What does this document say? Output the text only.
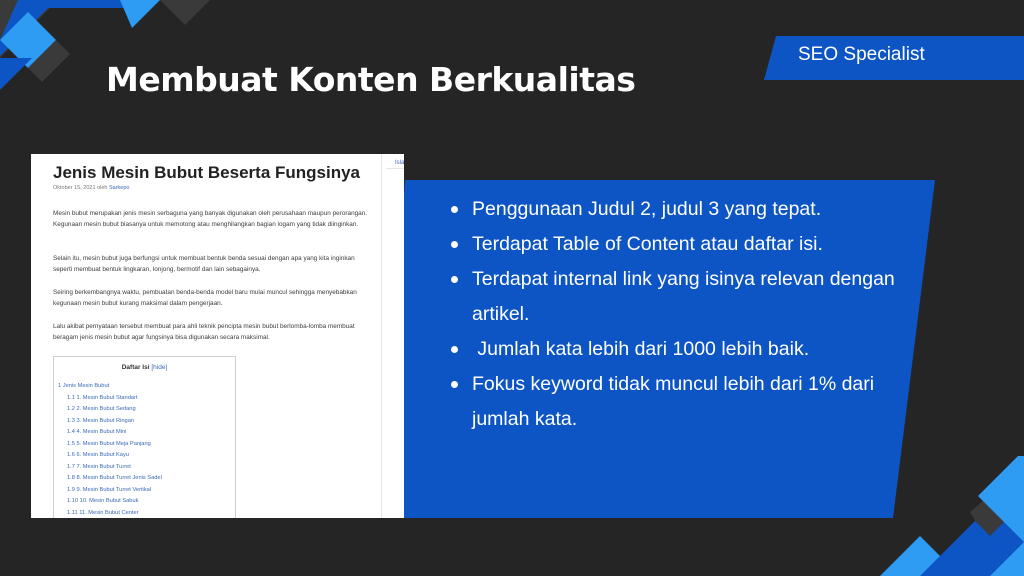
SEO Specialist
Membuat Konten Berkualitas
Penggunaan Judul 2, judul 3 yang tepat.
Terdapat Table of Content atau daftar isi.
Terdapat internal link yang isinya relevan dengan artikel.
Jumlah kata lebih dari 1000 lebih baik.
Fokus keyword tidak muncul lebih dari 1% dari jumlah kata.
Isla
Jenis Mesin Bubut Beserta Fungsinya
Oktober 15, 2021 oleh Sarkepo

Mesin bubut merupakan jenis mesin serbaguna yang banyak digunakan oleh perusahaan maupun perorangan. Kegunaan mesin bubut biasanya untuk memotong atau menghilangkan bagian logam yang tidak diinginkan.

Selain itu, mesin bubut juga berfungsi untuk membuat bentuk benda sesuai dengan apa yang kita inginkan seperti membuat bentuk lingkaran, lonjong, bermotif dan lain sebagainya.

Seiring berkembangnya waktu, pembuatan benda-benda model baru mulai muncul sehingga menyebabkan kegunaan mesin bubut kurang maksimal dalam pengerjaan.

Lalu akibat pernyataan tersebut membuat para ahli teknik pencipta mesin bubut berlomba-lomba membuat beragam jenis mesin bubut agar fungsinya bisa digunakan secara maksimal.

Daftar Isi [hide]
1 Jenis Mesin Bubut
1.1 1. Mesin Bubut Standart
1.2 2. Mesin Bubut Sedang
1.3 3. Mesin Bubut Ringan
1.4 4. Mesin Bubut Mini
1.5 5. Mesin Bubut Meja Panjang
1.6 6. Mesin Bubut Kayu
1.7 7. Mesin Bubut Turret
1.8 8. Mesin Bubut Turret Jenis Sadel
1.9 9. Mesin Bubut Turret Vertikal
1.10 10. Mesin Bubut Sabuk
1.11 11. Mesin Bubut Center
